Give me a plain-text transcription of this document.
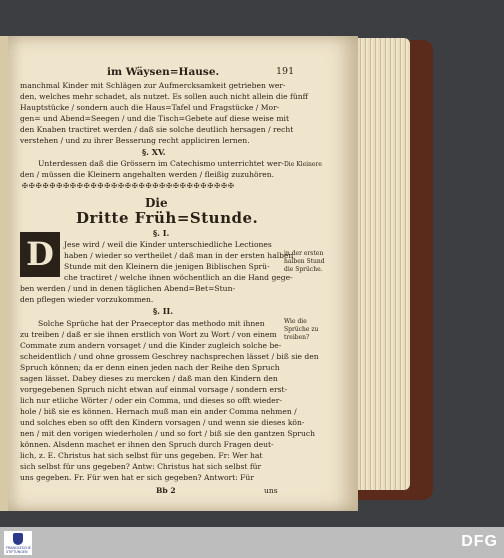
im Wäysen=Hause.	191
manchmal Kinder mit Schlägen zur Aufmercksamkeit getrieben wer-
den, welches mehr schadet, als nutzet. Es sollen auch nicht allein die fünff
Hauptstücke / sondern auch die Haus=Tafel und Fragstücke / Mor-
gen= und Abend=Seegen / und die Tisch=Gebete auf diese weise mit
den Knaben tractiret werden / daß sie solche deutlich hersagen / recht
verstehen / und zu ihrer Besserung recht appliciren lernen.
§. XV.
Unterdessen daß die Grössern im Catechismo unterrichtet wer-
den / müssen die Kleinern angehalten werden / fleißig zuzuhören.
Die Kleinere
✠✠✠✠✠✠✠✠✠✠✠✠✠✠✠✠✠✠✠✠✠✠✠✠✠✠✠✠✠✠✠
Die
Dritte Früh=Stunde.
§. I.
D	Jese wird / weil die Kinder unterschiedliche Lectiones
haben / wieder so vertheilet / daß man in der ersten halben
Stunde mit den Kleinern die jenigen Biblischen Sprü-
che tractiret / welche ihnen wöchentlich an die Hand gege-
ben werden / und in denen täglichen Abend=Bet=Stun-
den pflegen wieder vorzukommen.
in der ersten
halben Stund
die Sprüche.
§. II.
Solche Sprüche hat der Praeceptor das methodo mit ihnen
zu treiben / daß er sie ihnen erstlich von Wort zu Wort / von einem
Commate zum andern vorsaget / und die Kinder zugleich solche be-
scheidentlich / und ohne grossem Geschrey nachsprechen lässet / biß sie den
Spruch können; da er denn einen jeden nach der Reihe den Spruch
sagen lässet. Dabey dieses zu mercken / daß man den Kindern den
vorgegebenen Spruch nicht etwan auf einmal vorsage / sondern erst-
lich nur etliche Wörter / oder ein Comma, und dieses so offt wieder-
hole / biß sie es können. Hernach muß man ein ander Comma nehmen /
und solches eben so offt den Kindern vorsagen / und wenn sie dieses kön-
nen / mit den vorigen wiederholen / und so fort / biß sie den gantzen Spruch
können. Alsdenn machet er ihnen den Spruch durch Fragen deut-
lich, z. E. Christus hat sich selbst für uns gegeben. Fr: Wer hat
sich selbst für uns gegeben? Antw: Christus hat sich selbst für
uns gegeben. Fr. Für wen hat er sich gegeben? Antwort: Für
Wie die
Sprüche zu
treiben?
Bb 2	uns
FRANCKESCHE STIFTUNGEN
DFG
